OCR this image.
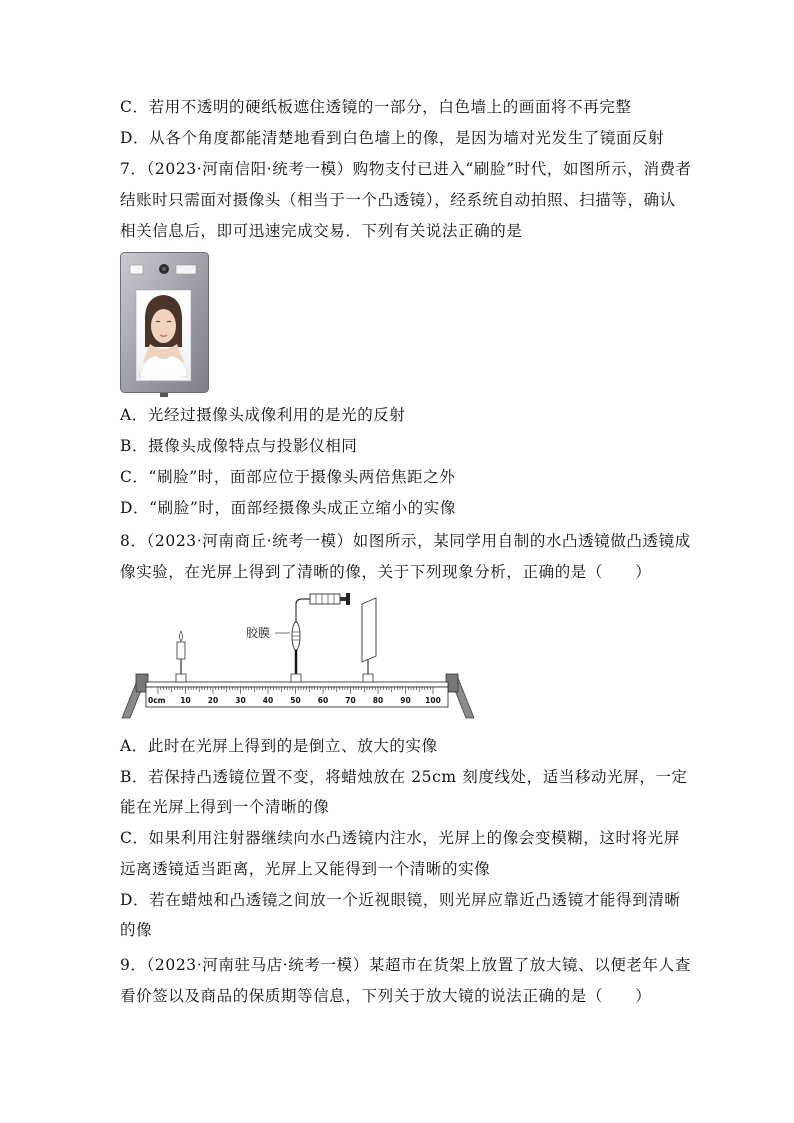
C．若用不透明的硬纸板遮住透镜的一部分，白色墙上的画面将不再完整
D．从各个角度都能清楚地看到白色墙上的像，是因为墙对光发生了镜面反射
7．（2023·河南信阳·统考一模）购物支付已进入“刷脸”时代，如图所示，消费者
结账时只需面对摄像头（相当于一个凸透镜），经系统自动拍照、扫描等，确认
相关信息后，即可迅速完成交易．下列有关说法正确的是
A．光经过摄像头成像利用的是光的反射
B．摄像头成像特点与投影仪相同
C．“刷脸”时，面部应位于摄像头两倍焦距之外
D．“刷脸”时，面部经摄像头成正立缩小的实像
8．（2023·河南商丘·统考一模）如图所示，某同学用自制的水凸透镜做凸透镜成
像实验，在光屏上得到了清晰的像，关于下列现象分析，正确的是（　　）
0cm 10 20 30 40 50 60 70 80 90 100
胶膜
A．此时在光屏上得到的是倒立、放大的实像
B．若保持凸透镜位置不变，将蜡烛放在 25cm 刻度线处，适当移动光屏，一定
能在光屏上得到一个清晰的像
C．如果利用注射器继续向水凸透镜内注水，光屏上的像会变模糊，这时将光屏
远离透镜适当距离，光屏上又能得到一个清晰的实像
D．若在蜡烛和凸透镜之间放一个近视眼镜，则光屏应靠近凸透镜才能得到清晰
的像
9．（2023·河南驻马店·统考一模）某超市在货架上放置了放大镜、以便老年人查
看价签以及商品的保质期等信息，下列关于放大镜的说法正确的是（　　）
